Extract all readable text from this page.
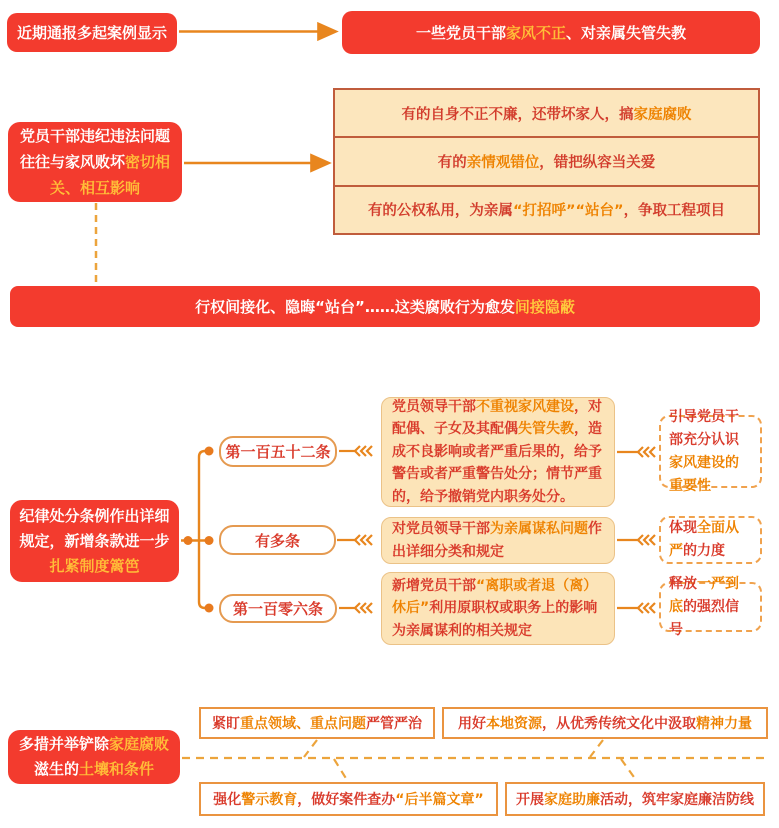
近期通报多起案例显示	一些党员干部家风不正、对亲属失管失教
党员干部违纪违法问题往往与家风败坏密切相关、相互影响
有的自身不正不廉，还带坏家人，搞家庭腐败
有的亲情观错位，错把纵容当关爱
有的公权私用，为亲属“打招呼”“站台”，争取工程项目
行权间接化、隐晦“站台”……这类腐败行为愈发间接隐蔽
纪律处分条例作出详细规定，新增条款进一步扎紧制度篱笆
第一百五十二条
有多条
第一百零六条
党员领导干部不重视家风建设，对配偶、子女及其配偶失管失教，造成不良影响或者严重后果的，给予警告或者严重警告处分；情节严重的，给予撤销党内职务处分。
对党员领导干部为亲属谋私问题作出详细分类和规定
新增党员干部“离职或者退（离）休后”利用原职权或职务上的影响为亲属谋利的相关规定
引导党员干部充分认识家风建设的重要性
体现全面从严的力度
释放一严到底的强烈信号
多措并举铲除家庭腐败滋生的土壤和条件
紧盯重点领域、重点问题严管严治	用好本地资源，从优秀传统文化中汲取精神力量
强化警示教育，做好案件查办“后半篇文章” 开展家庭助廉活动，筑牢家庭廉洁防线
